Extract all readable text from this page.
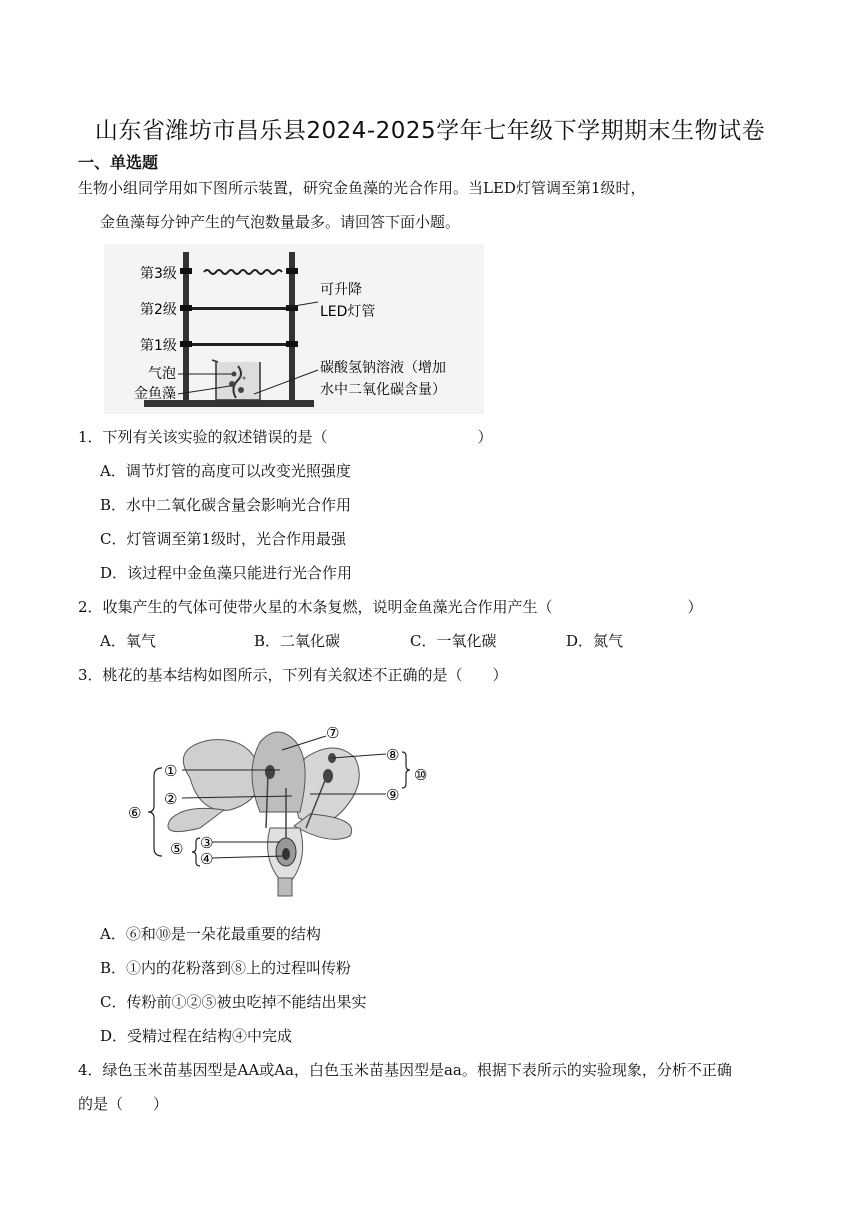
山东省潍坊市昌乐县2024-2025学年七年级下学期期末生物试卷
一、单选题
生物小组同学用如下图所示装置，研究金鱼藻的光合作用。当LED灯管调至第1级时，
金鱼藻每分钟产生的气泡数量最多。请回答下面小题。
第3级
第2级
第1级
气泡
金鱼藻
可升降
LED灯管
碳酸氢钠溶液（增加
水中二氧化碳含量）
1．下列有关该实验的叙述错误的是（　　　　　　　　　　）
A．调节灯管的高度可以改变光照强度
B．水中二氧化碳含量会影响光合作用
C．灯管调至第1级时，光合作用最强
D．该过程中金鱼藻只能进行光合作用
2．收集产生的气体可使带火星的木条复燃，说明金鱼藻光合作用产生（　　　　　　　　　）
A．氧气	B．二氧化碳	C．一氧化碳	D．氮气
3．桃花的基本结构如图所示，下列有关叙述不正确的是（　　）
①
②
⑥
⑤ ③
④
⑦
⑧
⑨
⑩
A．⑥和⑩是一朵花最重要的结构
B．①内的花粉落到⑧上的过程叫传粉
C．传粉前①②⑤被虫吃掉不能结出果实
D．受精过程在结构④中完成
4．绿色玉米苗基因型是AA或Aa，白色玉米苗基因型是aa。根据下表所示的实验现象，分析不正确
的是（　　）
